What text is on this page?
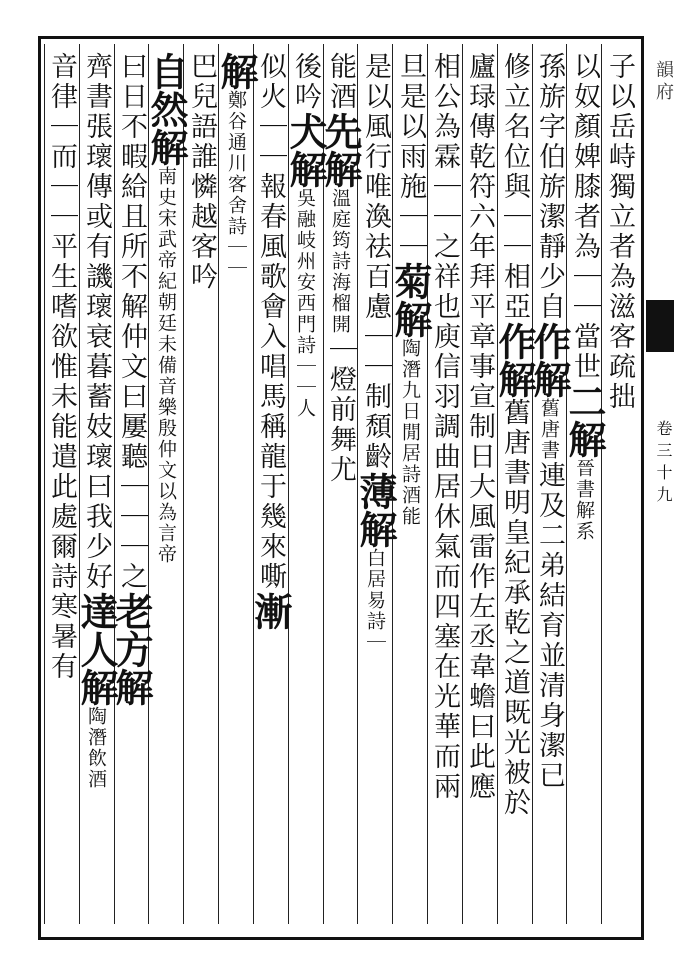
韻府
卷三十九
子以岳峙獨立者為滋客疏拙
以奴顏婢膝者為｜｜當世二解晉書解系
孫旂字伯旂潔靜少自作解舊唐書連及二弟結育並清身潔已
修立名位與｜｜相亞作解舊唐書明皇紀承乾之道既光被於
廬琭傳乾符六年拜平章事宣制日大風雷作左丞韋蟾曰此應
相公為霖｜｜之祥也庾信羽調曲居休氣而四塞在光華而兩
旦是以雨施｜｜菊解陶潛九日閒居詩酒能
是以風行唯渙祛百慮｜｜制頹齡薄解白居易詩｜
能酒先解溫庭筠詩海榴開｜燈前舞尤
後吟犬解吳融岐州安西門詩｜｜人
似火｜｜報春風歌會入唱馬稱龍于幾來嘶漸
解鄭谷通川客舍詩｜｜
巴兒語誰憐越客吟
自然解南史宋武帝紀朝廷未備音樂殷仲文以為言帝
曰日不暇給且所不解仲文曰屢聽｜｜｜之老方解
齊書張瓌傳或有譏瓌衰暮蓄妓瓌曰我少好達人解陶潛飲酒
音律｜而｜｜平生嗜欲惟未能遣此處爾詩寒暑有
